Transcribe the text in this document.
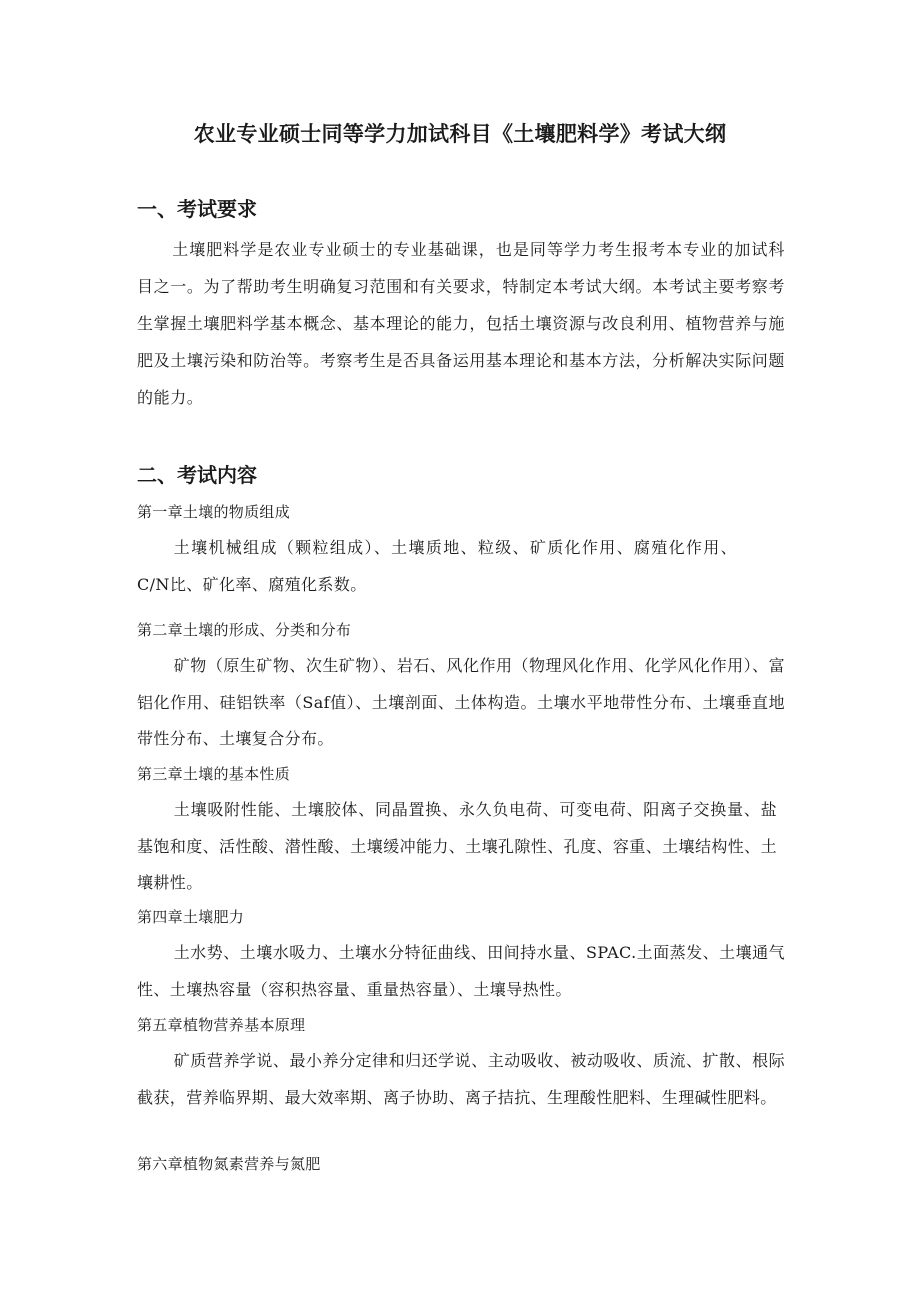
农业专业硕士同等学力加试科目《土壤肥料学》考试大纲
一、考试要求
土壤肥料学是农业专业硕士的专业基础课，也是同等学力考生报考本专业的加试科目之一。为了帮助考生明确复习范围和有关要求，特制定本考试大纲。本考试主要考察考生掌握土壤肥料学基本概念、基本理论的能力，包括土壤资源与改良利用、植物营养与施肥及土壤污染和防治等。考察考生是否具备运用基本理论和基本方法，分析解决实际问题的能力。
二、考试内容
第一章土壤的物质组成
土壤机械组成（颗粒组成）、土壤质地、粒级、矿质化作用、腐殖化作用、C/N比、矿化率、腐殖化系数。
第二章土壤的形成、分类和分布
矿物（原生矿物、次生矿物）、岩石、风化作用（物理风化作用、化学风化作用）、富铝化作用、硅铝铁率（Saf值）、土壤剖面、土体构造。土壤水平地带性分布、土壤垂直地带性分布、土壤复合分布。
第三章土壤的基本性质
土壤吸附性能、土壤胶体、同晶置换、永久负电荷、可变电荷、阳离子交换量、盐基饱和度、活性酸、潜性酸、土壤缓冲能力、土壤孔隙性、孔度、容重、土壤结构性、土壤耕性。
第四章土壤肥力
土水势、土壤水吸力、土壤水分特征曲线、田间持水量、SPAC.土面蒸发、土壤通气性、土壤热容量（容积热容量、重量热容量）、土壤导热性。
第五章植物营养基本原理
矿质营养学说、最小养分定律和归还学说、主动吸收、被动吸收、质流、扩散、根际截获，营养临界期、最大效率期、离子协助、离子拮抗、生理酸性肥料、生理碱性肥料。
第六章植物氮素营养与氮肥
